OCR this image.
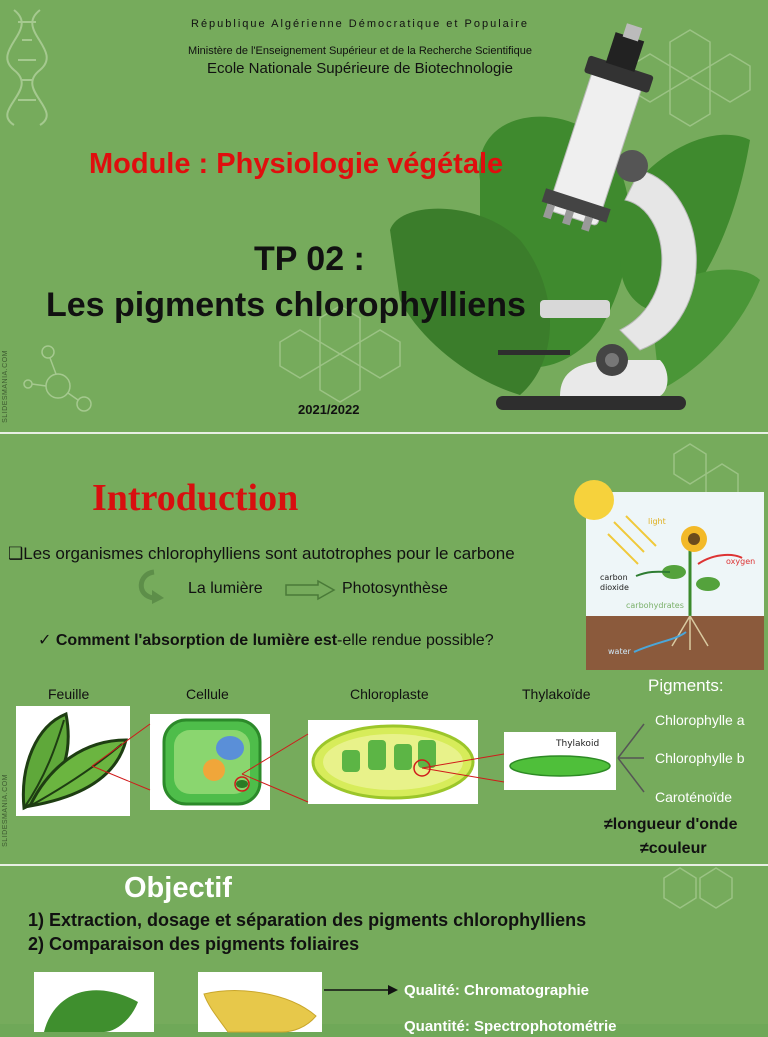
République Algérienne Démocratique et Populaire
Ministère de l'Enseignement Supérieur et de la Recherche Scientifique
Ecole Nationale Supérieure de Biotechnologie
Module : Physiologie végétale
TP 02 :
Les pigments chlorophylliens
2021/2022
SLIDESMANIA.COM
Introduction
❑Les organismes chlorophylliens sont autotrophes pour le carbone
La lumière	Photosynthèse
✓ Comment l'absorption de lumière est-elle rendue possible?
light
oxygen
carbon
dioxide
carbohydrates
water
Feuille	Cellule	Chloroplaste	Thylakoïde
Thylakoid
Pigments:
Chlorophylle a
Chlorophylle b
Caroténoïde
≠longueur d'onde
≠couleur
SLIDESMANIA.COM
Objectif
1) Extraction, dosage et séparation des pigments chlorophylliens
2) Comparaison des pigments foliaires
Qualité: Chromatographie
Quantité: Spectrophotométrie
